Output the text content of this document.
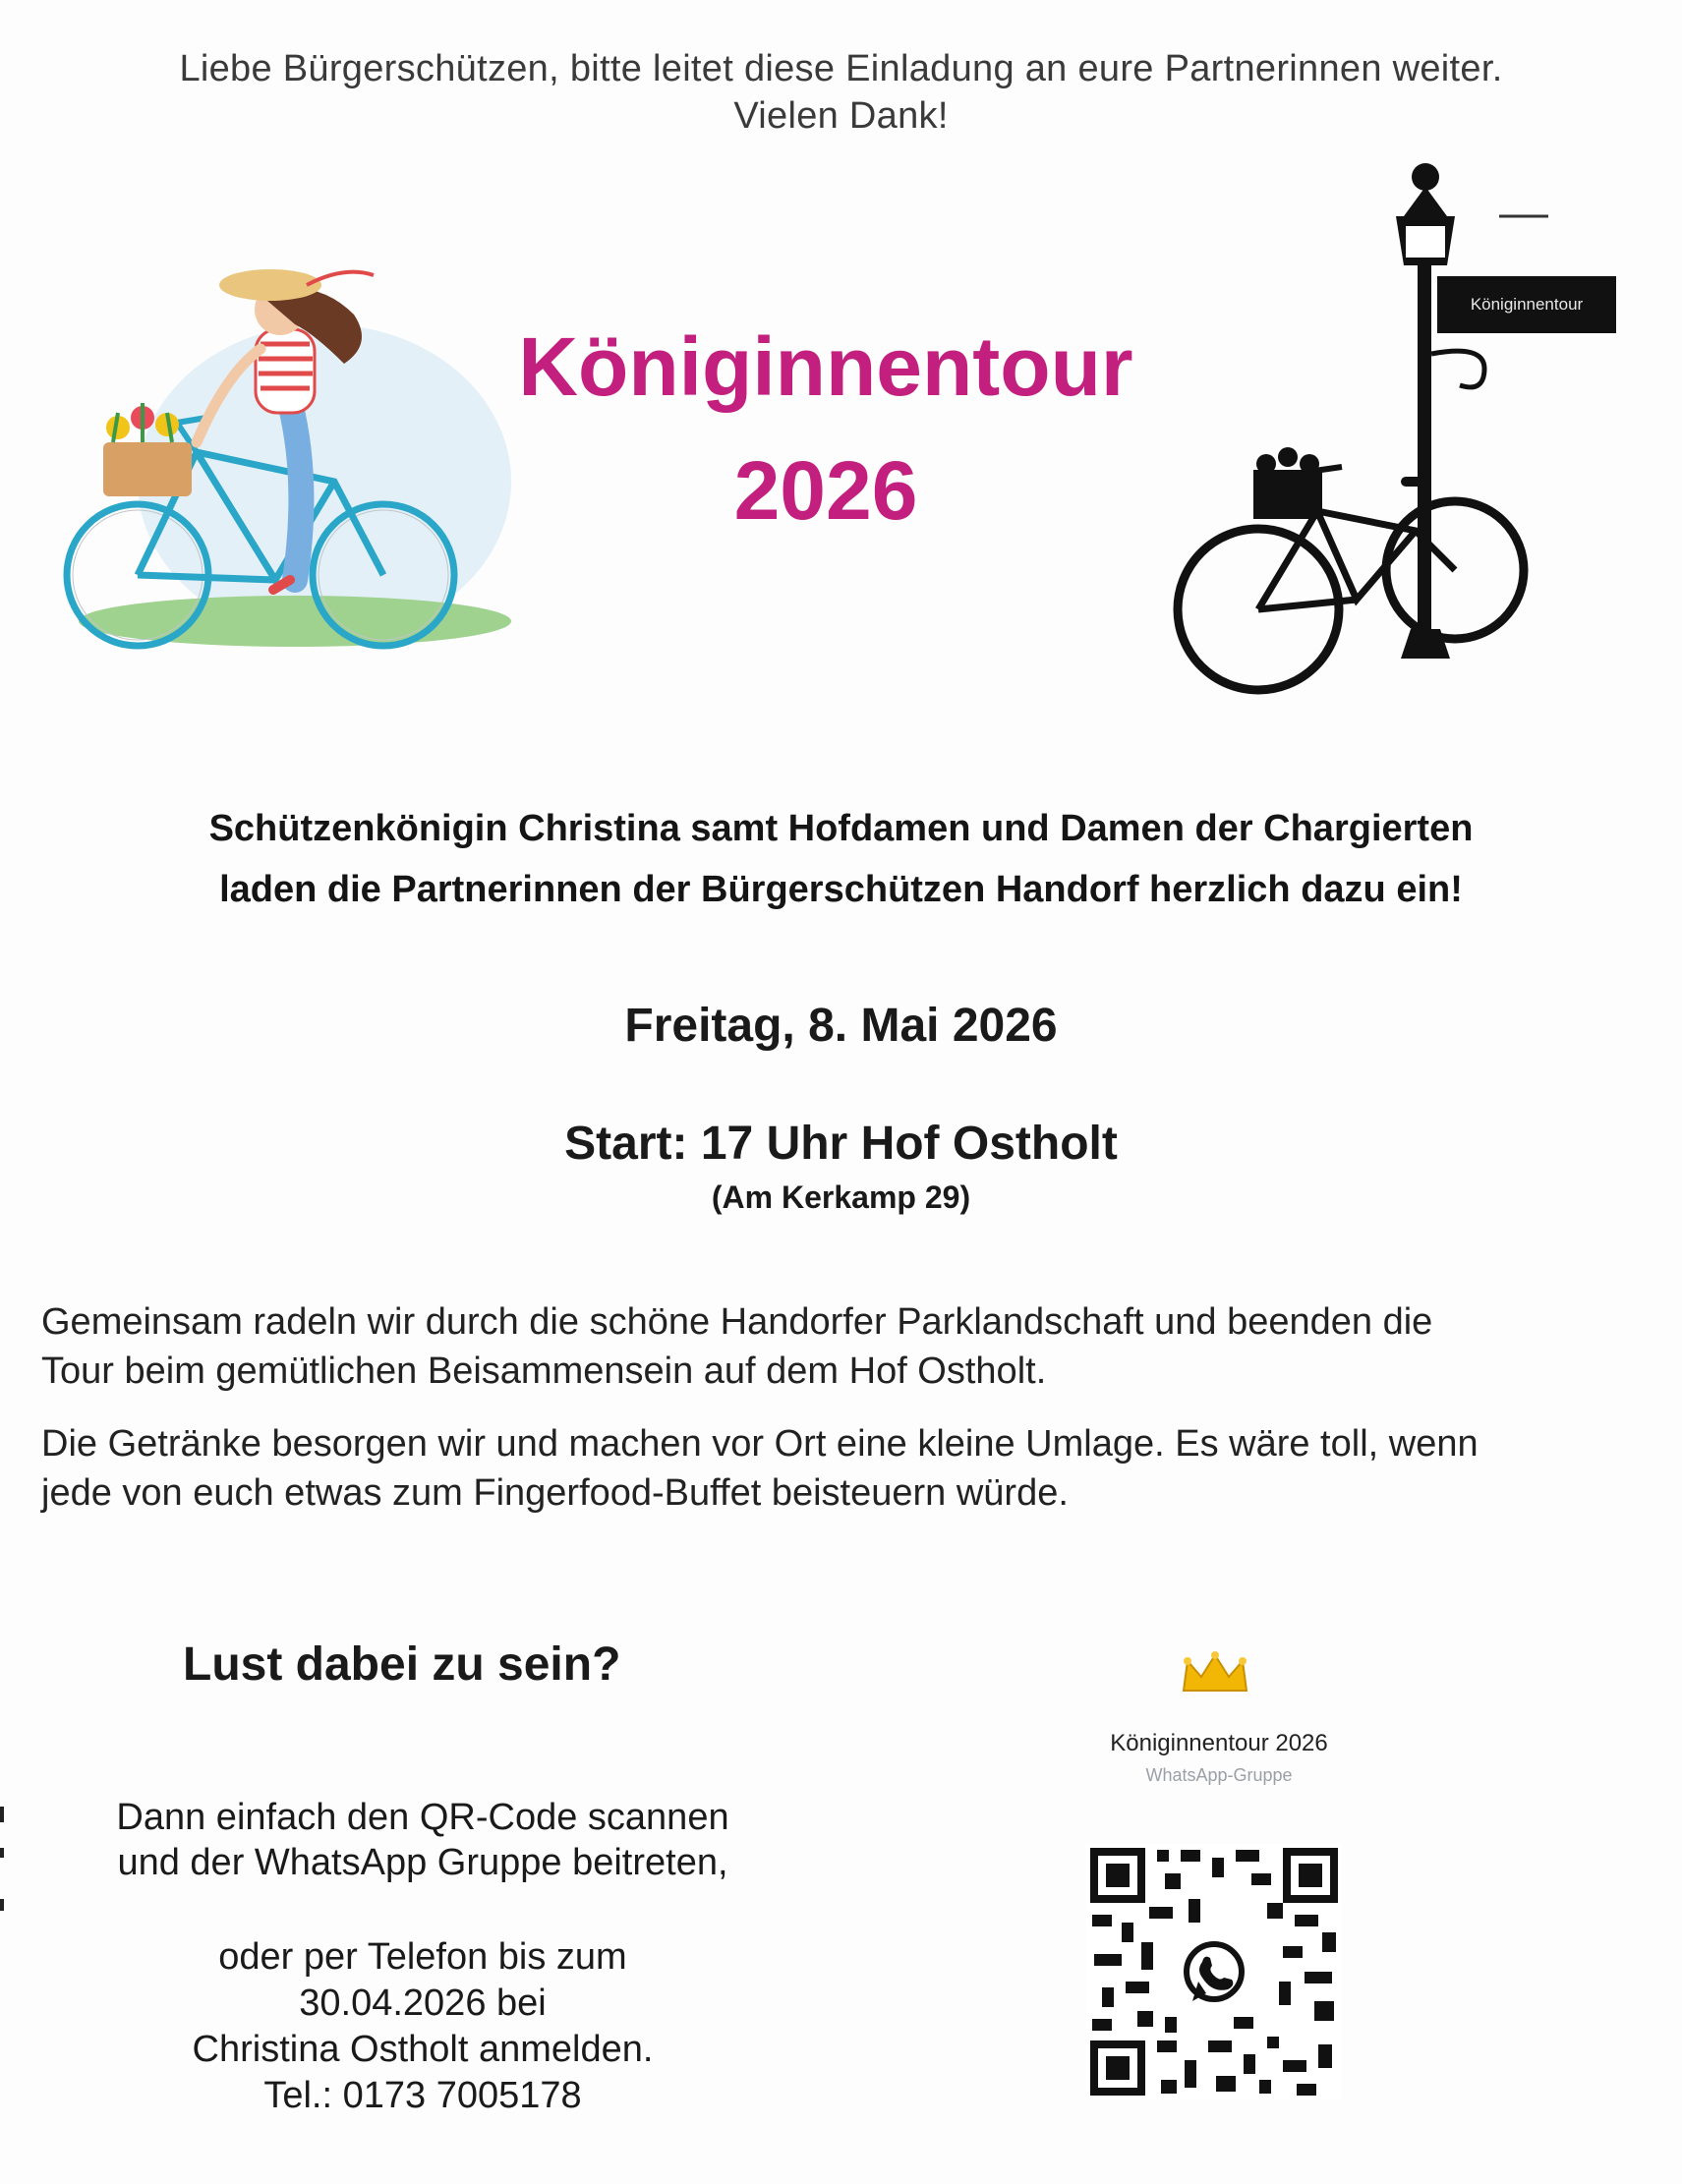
Liebe Bürgerschützen, bitte leitet diese Einladung an eure Partnerinnen weiter.
Vielen Dank!
Königinnentour
2026
Königinnentour
Schützenkönigin Christina samt Hofdamen und Damen der Chargierten
laden die Partnerinnen der Bürgerschützen Handorf herzlich dazu ein!
Freitag, 8. Mai 2026
Start: 17 Uhr Hof Ostholt
(Am Kerkamp 29)
Gemeinsam radeln wir durch die schöne Handorfer Parklandschaft und beenden die
Tour beim gemütlichen Beisammensein auf dem Hof Ostholt.
Die Getränke besorgen wir und machen vor Ort eine kleine Umlage. Es wäre toll, wenn
jede von euch etwas zum Fingerfood-Buffet beisteuern würde.
Lust dabei zu sein?
Dann einfach den QR-Code scannen
und der WhatsApp Gruppe beitreten,
oder per Telefon bis zum
30.04.2026 bei
Christina Ostholt anmelden.
Tel.: 0173 7005178
Königinnentour 2026
WhatsApp-Gruppe
